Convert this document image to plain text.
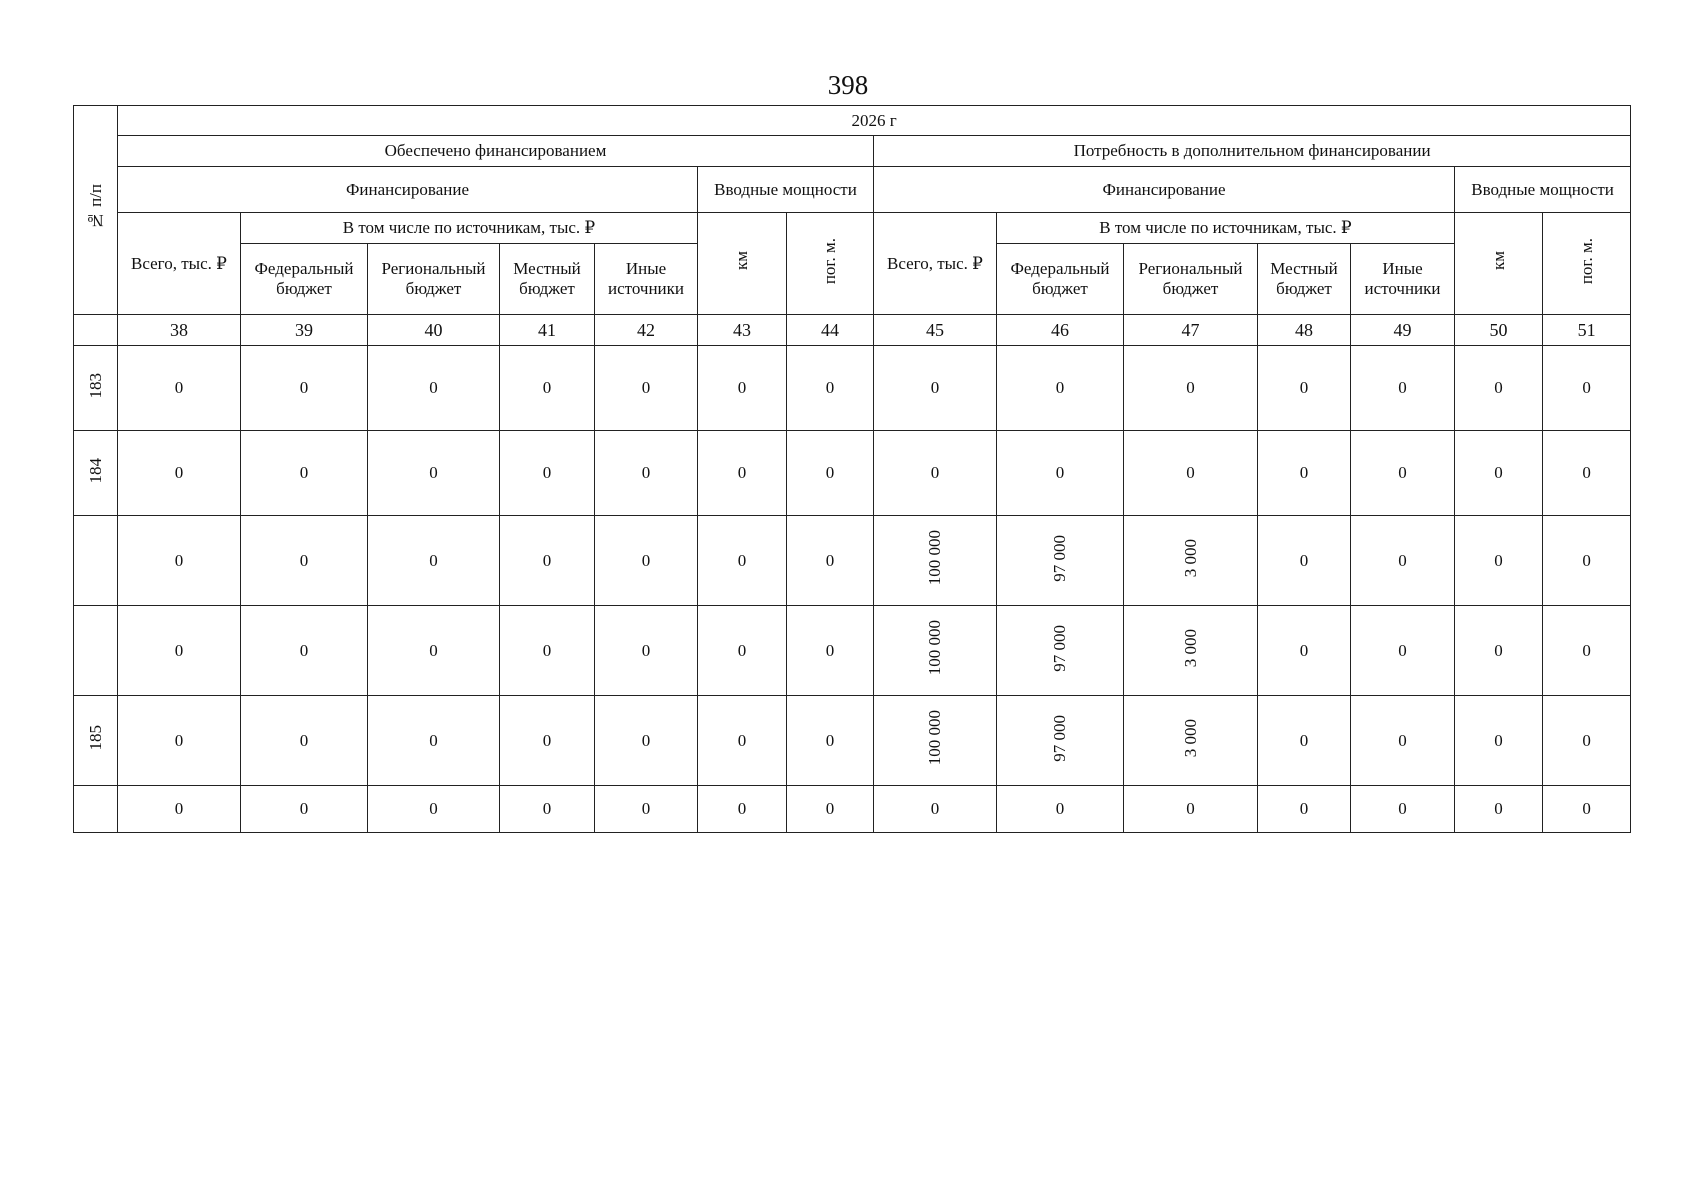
398
№ п/п	2026 г													
	Обеспечено финансированием							Потребность в дополнительном финансировании						
	Финансирование					Вводные мощности		Финансирование					Вводные мощности	
	Всего, тыс. ₽	В том числе по источникам, тыс. ₽				км	пог. м.	Всего, тыс. ₽	В том числе по источникам, тыс. ₽				км	пог. м.
		Федеральный бюджет	Региональный бюджет	Местный бюджет	Иные источники				Федеральный бюджет	Региональный бюджет	Местный бюджет	Иные источники		
	38	39	40	41	42	43	44	45	46	47	48	49	50	51
183	0	0	0	0	0	0	0	0	0	0	0	0	0	0
184	0	0	0	0	0	0	0	0	0	0	0	0	0	0
	0	0	0	0	0	0	0	100 000	97 000	3 000	0	0	0	0
	0	0	0	0	0	0	0	100 000	97 000	3 000	0	0	0	0
185	0	0	0	0	0	0	0	100 000	97 000	3 000	0	0	0	0
	0	0	0	0	0	0	0	0	0	0	0	0	0	0
